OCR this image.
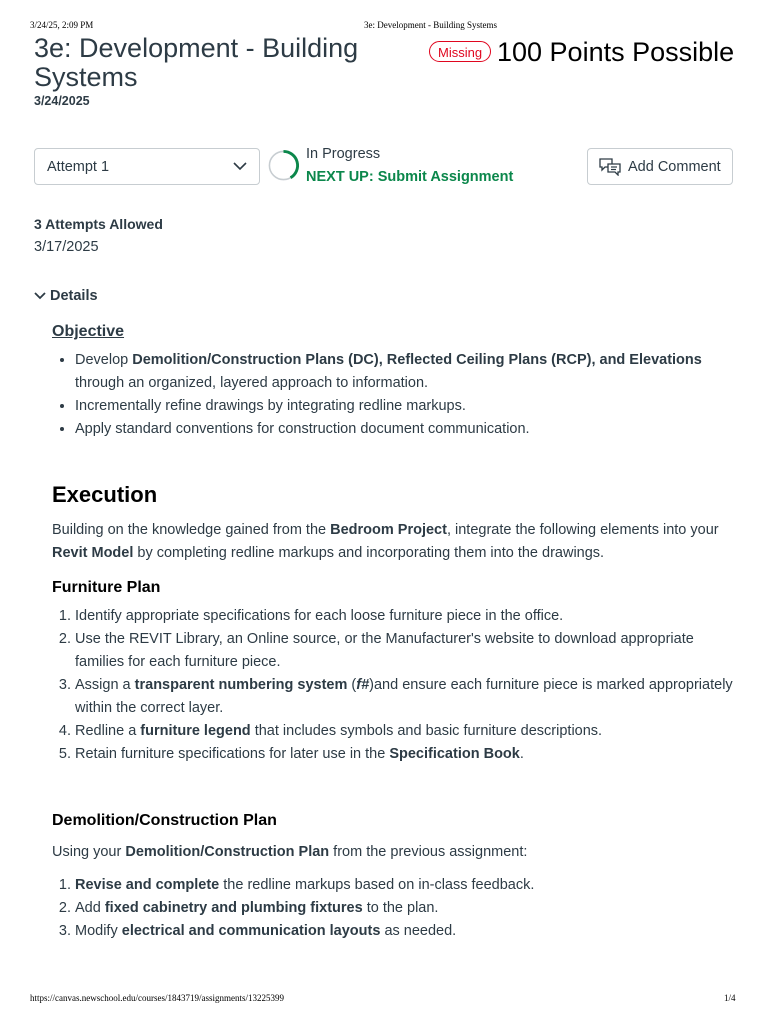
3/24/25, 2:09 PM	3e: Development - Building Systems
3e: Development - Building Systems
Missing 100 Points Possible
3/24/2025
Attempt 1
In Progress
NEXT UP: Submit Assignment
Add Comment
3 Attempts Allowed
3/17/2025
Details
Objective
• Develop Demolition/Construction Plans (DC), Reflected Ceiling Plans (RCP), and Elevations through an organized, layered approach to information.
• Incrementally refine drawings by integrating redline markups.
• Apply standard conventions for construction document communication.
Execution

Building on the knowledge gained from the Bedroom Project, integrate the following elements into your Revit Model by completing redline markups and incorporating them into the drawings.

Furniture Plan
1. Identify appropriate specifications for each loose furniture piece in the office.
2. Use the REVIT Library, an Online source, or the Manufacturer's website to download appropriate families for each furniture piece.
3. Assign a transparent numbering system (f#)and ensure each furniture piece is marked appropriately within the correct layer.
4. Redline a furniture legend that includes symbols and basic furniture descriptions.
5. Retain furniture specifications for later use in the Specification Book.
Demolition/Construction Plan

Using your Demolition/Construction Plan from the previous assignment:

1. Revise and complete the redline markups based on in-class feedback.
2. Add fixed cabinetry and plumbing fixtures to the plan.
3. Modify electrical and communication layouts as needed.
https://canvas.newschool.edu/courses/1843719/assignments/13225399	1/4
